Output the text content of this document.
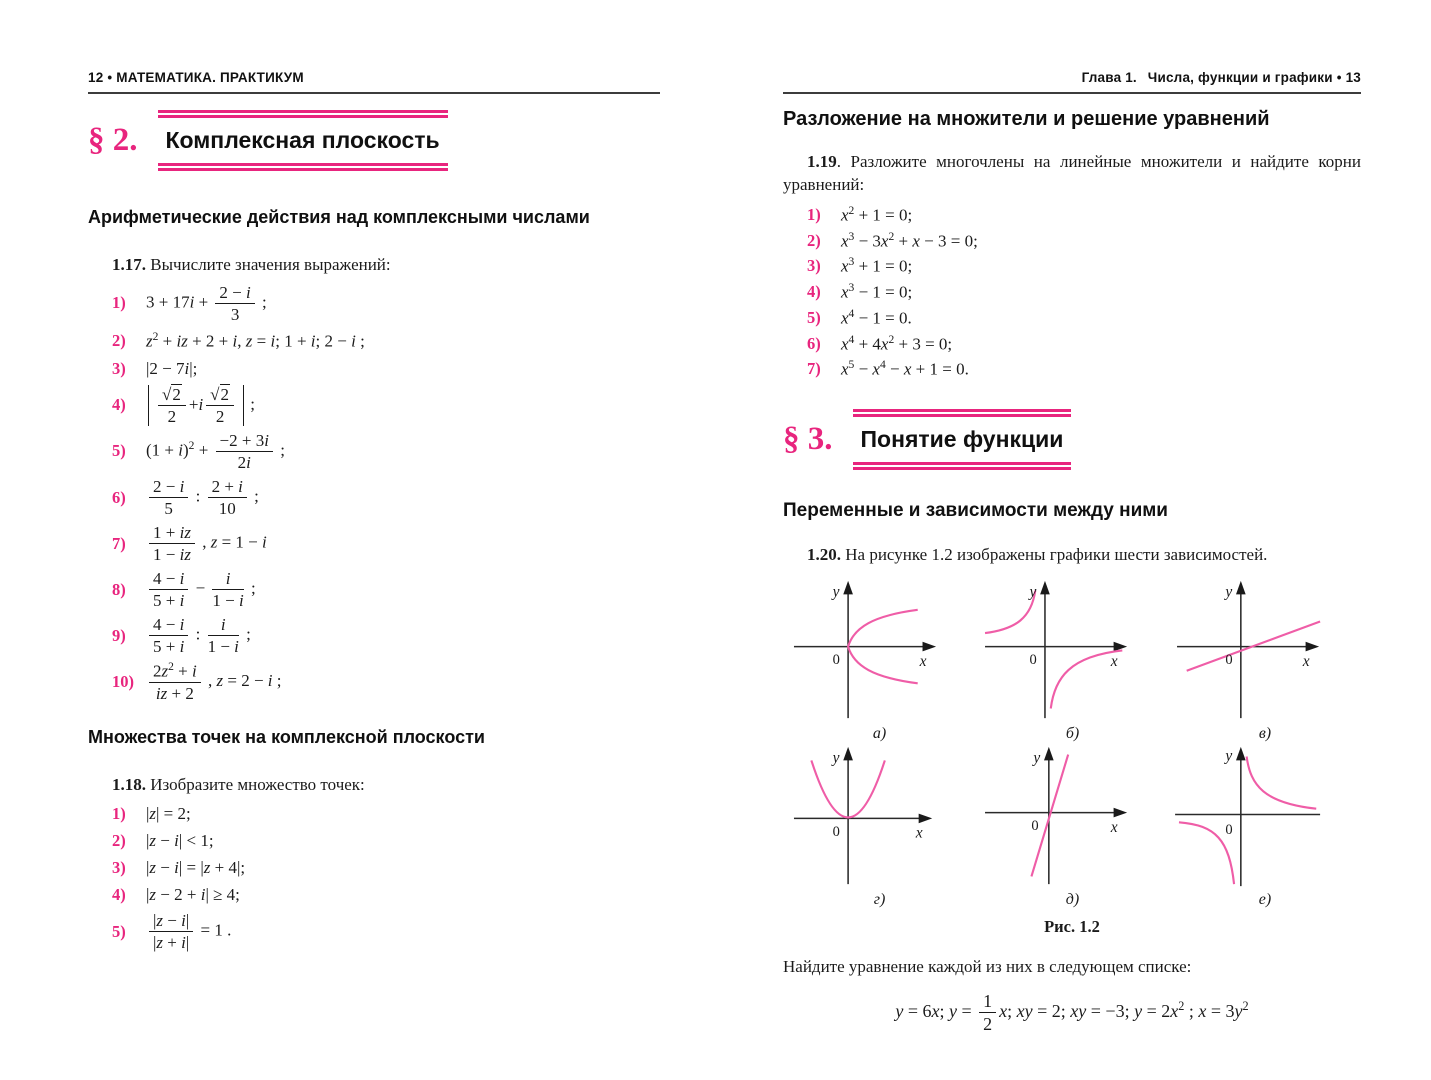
12 • МАТЕМАТИКА. ПРАКТИКУМ
§ 2.	Комплексная плоскость
Арифметические действия над комплексными числами
1.17. Вычислите значения выражений:
1)	$3 + 17i + \frac{2 - i}{3}$ ;
2)	$z^2$ + iz + 2 + i, z = i; 1 + i; 2 − i ;
3)	|2 − 7i|;
4)	$\frac{√2}{2} + i \frac{√2}{2}$ ;
5)	$(1 + i)^2 + \frac{-2 + 3i}{2i}$ ;
6)	$\frac{2 - i}{5}$ : $\frac{2 + i}{10}$ ;
7)	$\frac{1 + iz}{1 - iz}$ , z = 1 − i
8)	$\frac{4 - i}{5 + i} - \frac{i}{1 - i}$ ;
9)	$\frac{4 - i}{5 + i}$ : $\frac{i}{1 - i}$ ;
$10) \frac{2z^2 + i}{iz + 2}$ , z = 2 − i ;
Множества точек на комплексной плоскости
1.18. Изобразите множество точек:
1)	|z| = 2;
2)	|z − i| < 1;
3)	|z − i| = |z + 4|;
4)	|z − 2 + i| ≥ 4;
5)	$\frac{|z - i|}{|z + i|} = 1$ .
Глава 1.  Числа, функции и графики • 13
Разложение на множители и решение уравнений
1.19. Разложите многочлены на линейные множители и найдите корни уравнений:
1)	$x^2 + 1 = 0$;
2)	$x^3 - 3x^2 + x - 3 = 0$;
3)	$x^3 + 1 = 0$;
4)	$x^3 - 1 = 0$;
5)	$x^4 - 1 = 0$.
6)	$x^4 + 4x^2 + 3 = 0$;
7)	$x^5 - x^4 - x + 1 = 0$.
§ 3.	Понятие функции
Переменные и зависимости между ними
1.20. На рисунке 1.2 изображены графики шести зависимостей.
y
x
0
а)
y
x
0
б)
y
x
0
в)
y
x
0
г)
y
x
0
д)
y
0
е)
Рис. 1.2
Найдите уравнение каждой из них в следующем списке:
y = 6x; $y = \frac{1}{2} x$; xy = 2; xy = −3; $y = 2x^2$ ; $x = 3y^2$
